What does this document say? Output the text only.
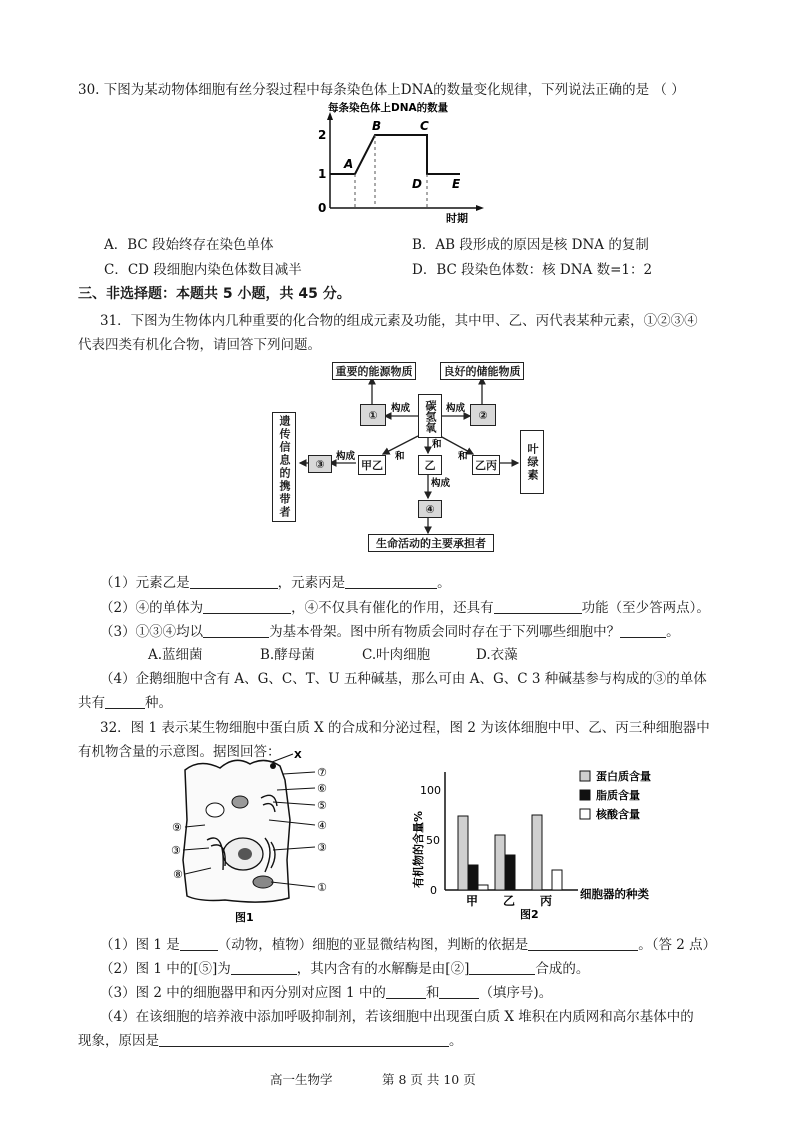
30. 下图为某动物体细胞有丝分裂过程中每条染色体上DNA的数量变化规律，下列说法正确的是 （ ）
每条染色体上DNA的数量
2
1
0
A
B	C
D	E
时期
A．BC 段始终存在染色单体	B．AB 段形成的原因是核 DNA 的复制
C．CD 段细胞内染色体数目减半	D．BC 段染色体数：核 DNA 数=1：2
三、非选择题：本题共 5 小题，共 45 分。
31．下图为生物体内几种重要的化合物的组成元素及功能，其中甲、乙、丙代表某种元素，①②③④
代表四类有机化合物，请回答下列问题。
构成	构成
构成
构成
和
和
和
重要的能源物质	良好的储能物质
①	②
碳氢氧
③	甲乙	乙	乙丙
遗传信息的携带者	叶绿素
④
生命活动的主要承担者
（1）元素乙是	，元素丙是	。
（2）④的单体为	，④不仅具有催化的作用，还具有	功能（至少答两点）。
（3）①③④均以	为基本骨架。图中所有物质会同时存在于下列哪些细胞中？	。
A.蓝细菌	B.酵母菌	C.叶肉细胞	D.衣藻
（4）企鹅细胞中含有 A、G、C、T、U 五种碱基，那么可由 A、G、C 3 种碱基参与构成的③的单体
共有	种。
32．图 1 表示某生物细胞中蛋白质 X 的合成和分泌过程，图 2 为该体细胞中甲、乙、丙三种细胞器中
有机物含量的示意图。据图回答： X
图1
⑦
⑥
⑤
④
③
①
⑨
③
⑧	有机物的含量%
100
50
0	细胞器的种类
图2
蛋白质含量
脂质含量
核酸含量
甲 乙 丙
（1）图 1 是	（动物，植物）细胞的亚显微结构图，判断的依据是	。（答 2 点）
（2）图 1 中的[⑤]为	，其内含有的水解酶是由[②]	合成的。
（3）图 2 中的细胞器甲和丙分别对应图 1 中的	和	（填序号)。
（4）在该细胞的培养液中添加呼吸抑制剂，若该细胞中出现蛋白质 X 堆积在内质网和高尔基体中的
现象，原因是	。
高一生物学	第 8 页 共 10 页
